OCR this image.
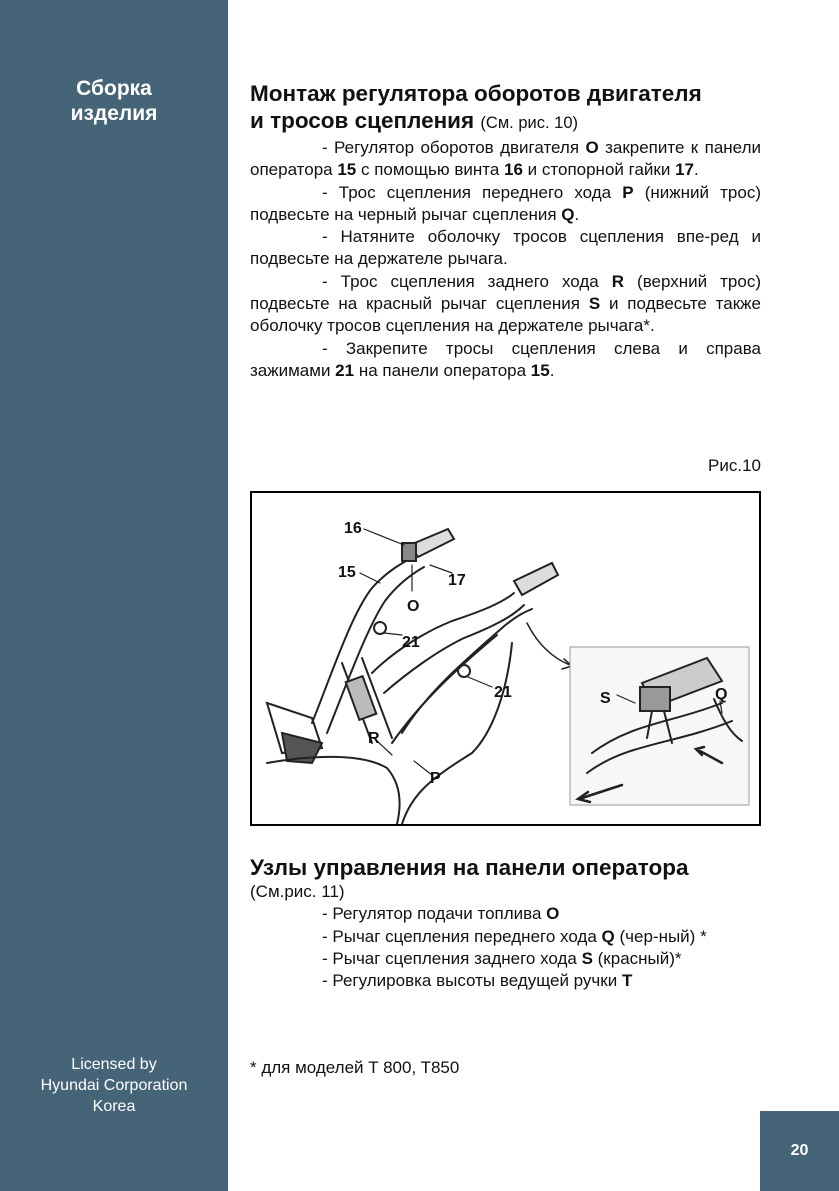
Сборка
изделия
Licensed by
Hyundai Corporation
Korea
Монтаж регулятора оборотов двигателя
и тросов сцепления (См. рис. 10)

- Регулятор оборотов двигателя O закрепите к панели оператора 15 с помощью винта 16 и стопорной гайки 17.

- Трос сцепления переднего хода P (нижний трос) подвесьте на черный рычаг сцепления Q.

- Натяните оболочку тросов сцепления впе-ред и подвесьте на держателе рычага.

- Трос сцепления заднего хода R (верхний трос) подвесьте на красный рычаг сцепления S и подвесьте также оболочку тросов сцепления на держателе рычага*.

- Закрепите тросы сцепления слева и справа зажимами 21 на панели оператора 15.

Рис.10
16
15	17
O
21
21
R
P
S	Q
Узлы управления на панели оператора

(См.рис. 11)

- Регулятор подачи топлива O

- Рычаг сцепления переднего хода Q (чер-ный) *

- Рычаг сцепления заднего хода S (красный)*

- Регулировка высоты ведущей ручки T

* для моделей T 800, T850
20
